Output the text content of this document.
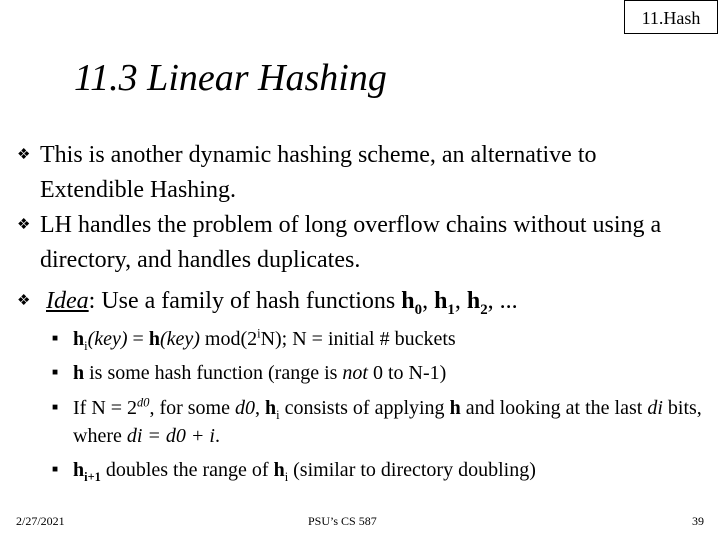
11.Hash
11.3 Linear Hashing
❖ This is another dynamic hashing scheme, an alternative to Extendible Hashing.
❖ LH handles the problem of long overflow chains without using a directory, and handles duplicates.
❖ Idea: Use a family of hash functions $h_0$, $h_1$, $h_2$, ...
■ $h_i(key) = h(key)$ mod(2$^i$N); N = initial # buckets
■ h is some hash function (range is not 0 to N-1)
■ If $N = 2^{d0}$, for some d0, $h_i$ consists of applying h and looking at the last di bits, where di = d0 + i.
■ $h_{i+1}$ doubles the range of $h_i$ (similar to directory doubling)
2/27/2021	PSU’s CS 587	39
